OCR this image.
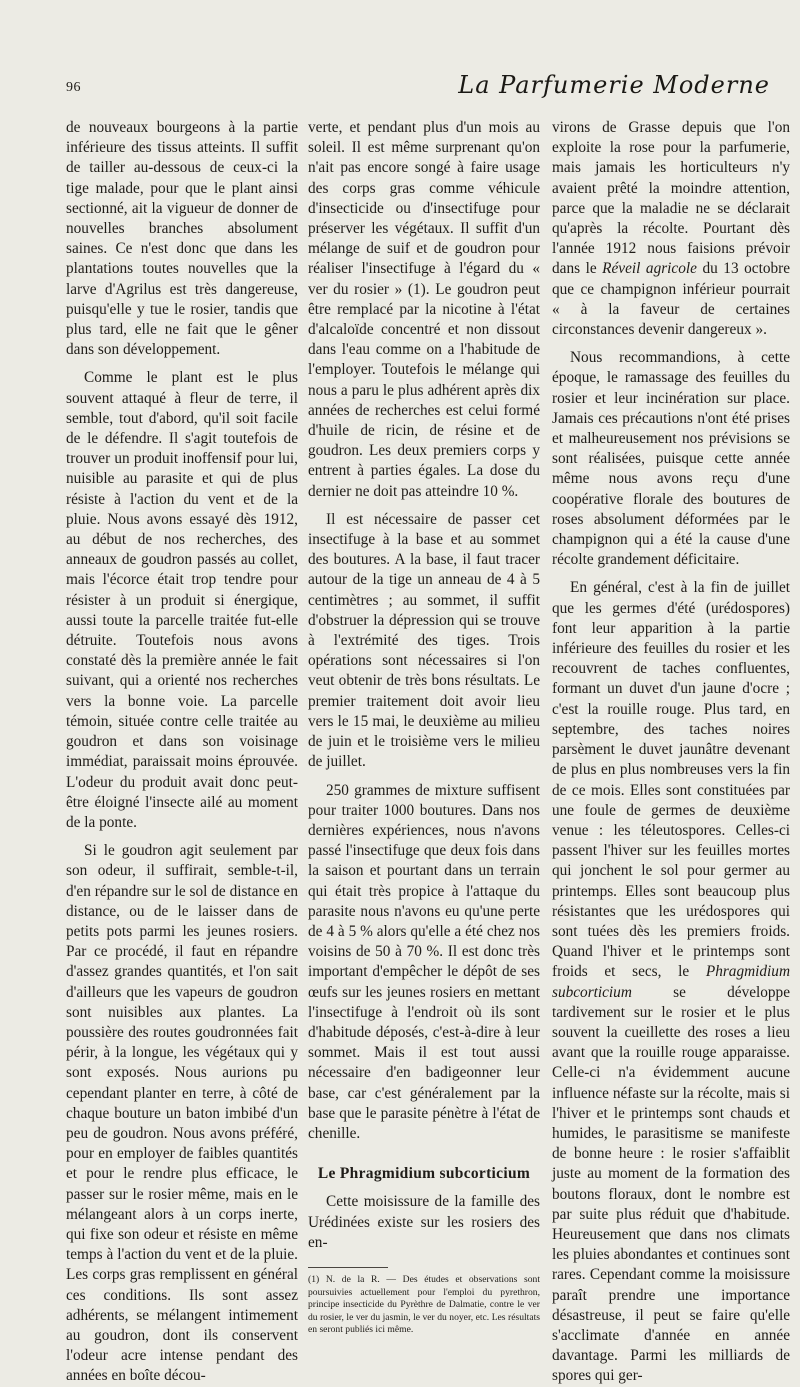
96	La Parfumerie Moderne

de nouveaux bourgeons à la partie inférieure des tissus atteints. Il suffit de tailler au-dessous de ceux-ci la tige malade, pour que le plant ainsi sectionné, ait la vigueur de donner de nouvelles branches absolument saines. Ce n'est donc que dans les plantations toutes nouvelles que la larve d'Agrilus est très dangereuse, puisqu'elle y tue le rosier, tandis que plus tard, elle ne fait que le gêner dans son développement.

Comme le plant est le plus souvent attaqué à fleur de terre, il semble, tout d'abord, qu'il soit facile de le défendre. Il s'agit toutefois de trouver un produit inoffensif pour lui, nuisible au parasite et qui de plus résiste à l'action du vent et de la pluie. Nous avons essayé dès 1912, au début de nos recherches, des anneaux de goudron passés au collet, mais l'écorce était trop tendre pour résister à un produit si énergique, aussi toute la parcelle traitée fut-elle détruite. Toutefois nous avons constaté dès la première année le fait suivant, qui a orienté nos recherches vers la bonne voie. La parcelle témoin, située contre celle traitée au goudron et dans son voisinage immédiat, paraissait moins éprouvée. L'odeur du produit avait donc peut-être éloigné l'insecte ailé au moment de la ponte.

Si le goudron agit seulement par son odeur, il suffirait, semble-t-il, d'en répandre sur le sol de distance en distance, ou de le laisser dans de petits pots parmi les jeunes rosiers. Par ce procédé, il faut en répandre d'assez grandes quantités, et l'on sait d'ailleurs que les vapeurs de goudron sont nuisibles aux plantes. La poussière des routes goudronnées fait périr, à la longue, les végétaux qui y sont exposés. Nous aurions pu cependant planter en terre, à côté de chaque bouture un baton imbibé d'un peu de goudron. Nous avons préféré, pour en employer de faibles quantités et pour le rendre plus efficace, le passer sur le rosier même, mais en le mélangeant alors à un corps inerte, qui fixe son odeur et résiste en même temps à l'action du vent et de la pluie. Les corps gras remplissent en général ces conditions. Ils sont assez adhérents, se mélangent intimement au goudron, dont ils conservent l'odeur acre intense pendant des années en boîte décou-

verte, et pendant plus d'un mois au soleil. Il est même surprenant qu'on n'ait pas encore songé à faire usage des corps gras comme véhicule d'insecticide ou d'insectifuge pour préserver les végétaux. Il suffit d'un mélange de suif et de goudron pour réaliser l'insectifuge à l'égard du « ver du rosier » (1). Le goudron peut être remplacé par la nicotine à l'état d'alcaloïde concentré et non dissout dans l'eau comme on a l'habitude de l'employer. Toutefois le mélange qui nous a paru le plus adhérent après dix années de recherches est celui formé d'huile de ricin, de résine et de goudron. Les deux premiers corps y entrent à parties égales. La dose du dernier ne doit pas atteindre 10 %.

Il est nécessaire de passer cet insectifuge à la base et au sommet des boutures. A la base, il faut tracer autour de la tige un anneau de 4 à 5 centimètres ; au sommet, il suffit d'obstruer la dépression qui se trouve à l'extrémité des tiges. Trois opérations sont nécessaires si l'on veut obtenir de très bons résultats. Le premier traitement doit avoir lieu vers le 15 mai, le deuxième au milieu de juin et le troisième vers le milieu de juillet.

250 grammes de mixture suffisent pour traiter 1000 boutures. Dans nos dernières expériences, nous n'avons passé l'insectifuge que deux fois dans la saison et pourtant dans un terrain qui était très propice à l'attaque du parasite nous n'avons eu qu'une perte de 4 à 5 % alors qu'elle a été chez nos voisins de 50 à 70 %. Il est donc très important d'empêcher le dépôt de ses œufs sur les jeunes rosiers en mettant l'insectifuge à l'endroit où ils sont d'habitude déposés, c'est-à-dire à leur sommet. Mais il est tout aussi nécessaire d'en badigeonner leur base, car c'est généralement par la base que le parasite pénètre à l'état de chenille.

Le Phragmidium subcorticium

Cette moisissure de la famille des Urédinées existe sur les rosiers des en-

(1) N. de la R. — Des études et observations sont poursuivies actuellement pour l'emploi du pyrethron, principe insecticide du Pyrèthre de Dalmatie, contre le ver du rosier, le ver du jasmin, le ver du noyer, etc. Les résultats en seront publiés ici même.

virons de Grasse depuis que l'on exploite la rose pour la parfumerie, mais jamais les horticulteurs n'y avaient prêté la moindre attention, parce que la maladie ne se déclarait qu'après la récolte. Pourtant dès l'année 1912 nous faisions prévoir dans le Réveil agricole du 13 octobre que ce champignon inférieur pourrait « à la faveur de certaines circonstances devenir dangereux ».

Nous recommandions, à cette époque, le ramassage des feuilles du rosier et leur incinération sur place. Jamais ces précautions n'ont été prises et malheureusement nos prévisions se sont réalisées, puisque cette année même nous avons reçu d'une coopérative florale des boutures de roses absolument déformées par le champignon qui a été la cause d'une récolte grandement déficitaire.

En général, c'est à la fin de juillet que les germes d'été (urédospores) font leur apparition à la partie inférieure des feuilles du rosier et les recouvrent de taches confluentes, formant un duvet d'un jaune d'ocre ; c'est la rouille rouge. Plus tard, en septembre, des taches noires parsèment le duvet jaunâtre devenant de plus en plus nombreuses vers la fin de ce mois. Elles sont constituées par une foule de germes de deuxième venue : les téleutospores. Celles-ci passent l'hiver sur les feuilles mortes qui jonchent le sol pour germer au printemps. Elles sont beaucoup plus résistantes que les urédospores qui sont tuées dès les premiers froids. Quand l'hiver et le printemps sont froids et secs, le Phragmidium subcorticium se développe tardivement sur le rosier et le plus souvent la cueillette des roses a lieu avant que la rouille rouge apparaisse. Celle-ci n'a évidemment aucune influence néfaste sur la récolte, mais si l'hiver et le printemps sont chauds et humides, le parasitisme se manifeste de bonne heure : le rosier s'affaiblit juste au moment de la formation des boutons floraux, dont le nombre est par suite plus réduit que d'habitude. Heureusement que dans nos climats les pluies abondantes et continues sont rares. Cependant comme la moisissure paraît prendre une importance désastreuse, il peut se faire qu'elle s'acclimate d'année en année davantage. Parmi les milliards de spores qui ger-
